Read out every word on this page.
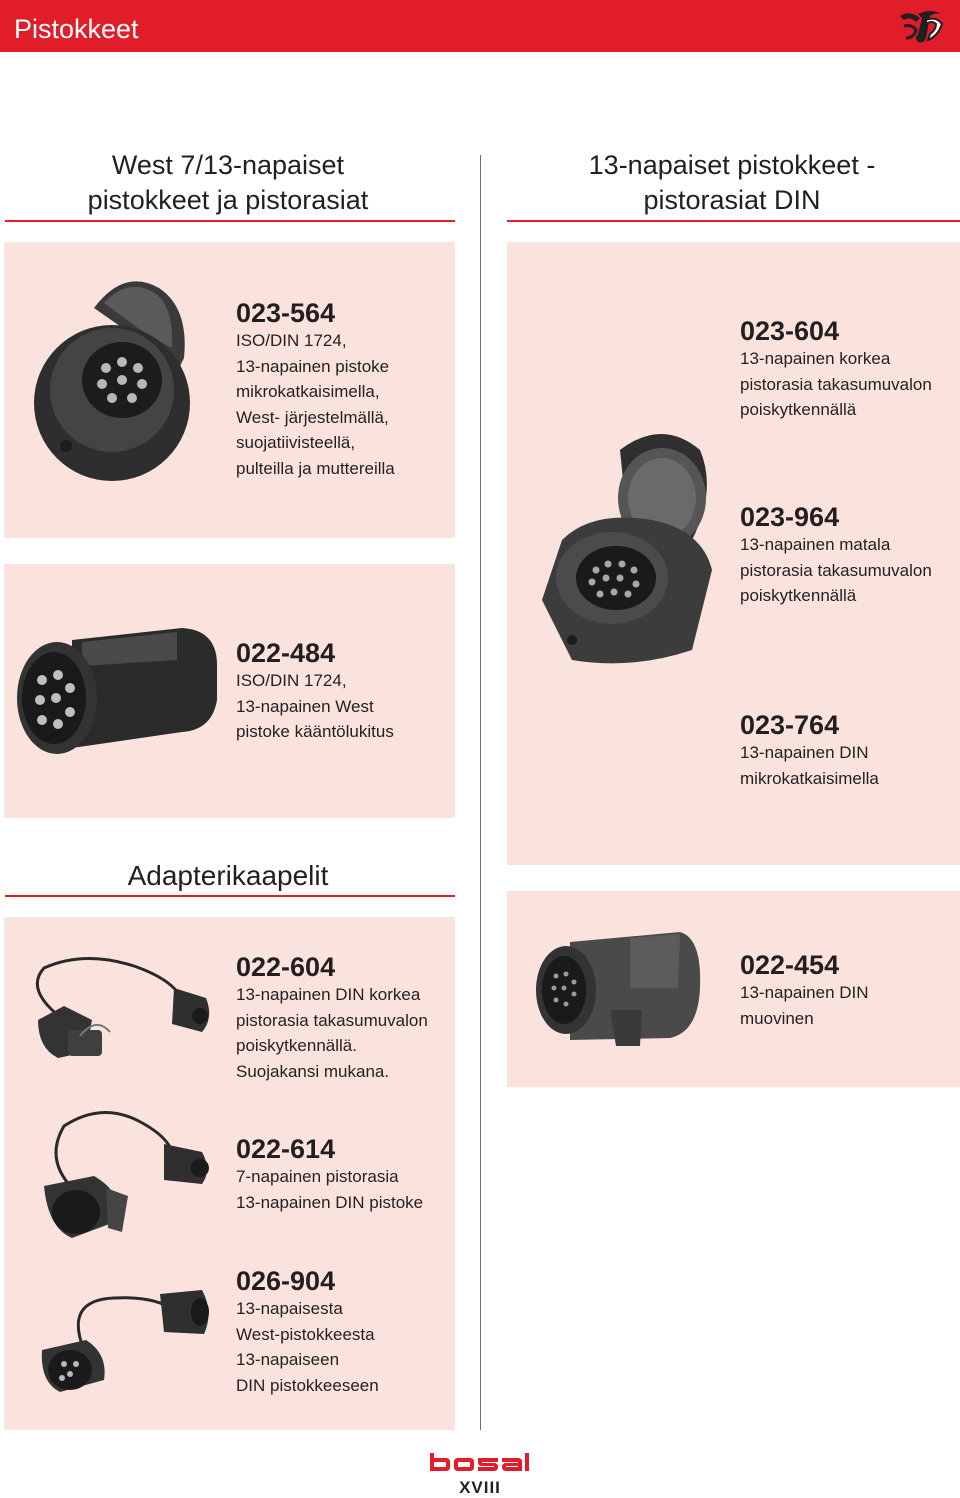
Pistokkeet
West 7/13-napaiset
pistokkeet ja pistorasiat
13-napaiset pistokkeet -
pistorasiat DIN
023-564
ISO/DIN 1724,
13-napainen pistoke
mikrokatkaisimella,
West- järjestelmällä,
suojatiivisteellä,
pulteilla ja muttereilla
022-484
ISO/DIN 1724,
13-napainen West
pistoke kääntölukitus
023-604
13-napainen korkea
pistorasia takasumuvalon
poiskytkennällä
023-964
13-napainen matala
pistorasia takasumuvalon
poiskytkennällä
023-764
13-napainen DIN
mikrokatkaisimella
Adapterikaapelit
022-604
13-napainen DIN korkea
pistorasia takasumuvalon
poiskytkennällä.
Suojakansi mukana.
022-614
7-napainen pistorasia
13-napainen DIN pistoke
026-904
13-napaisesta
West-pistokkeesta
13-napaiseen
DIN pistokkeeseen
022-454
13-napainen DIN
muovinen
XVIII
